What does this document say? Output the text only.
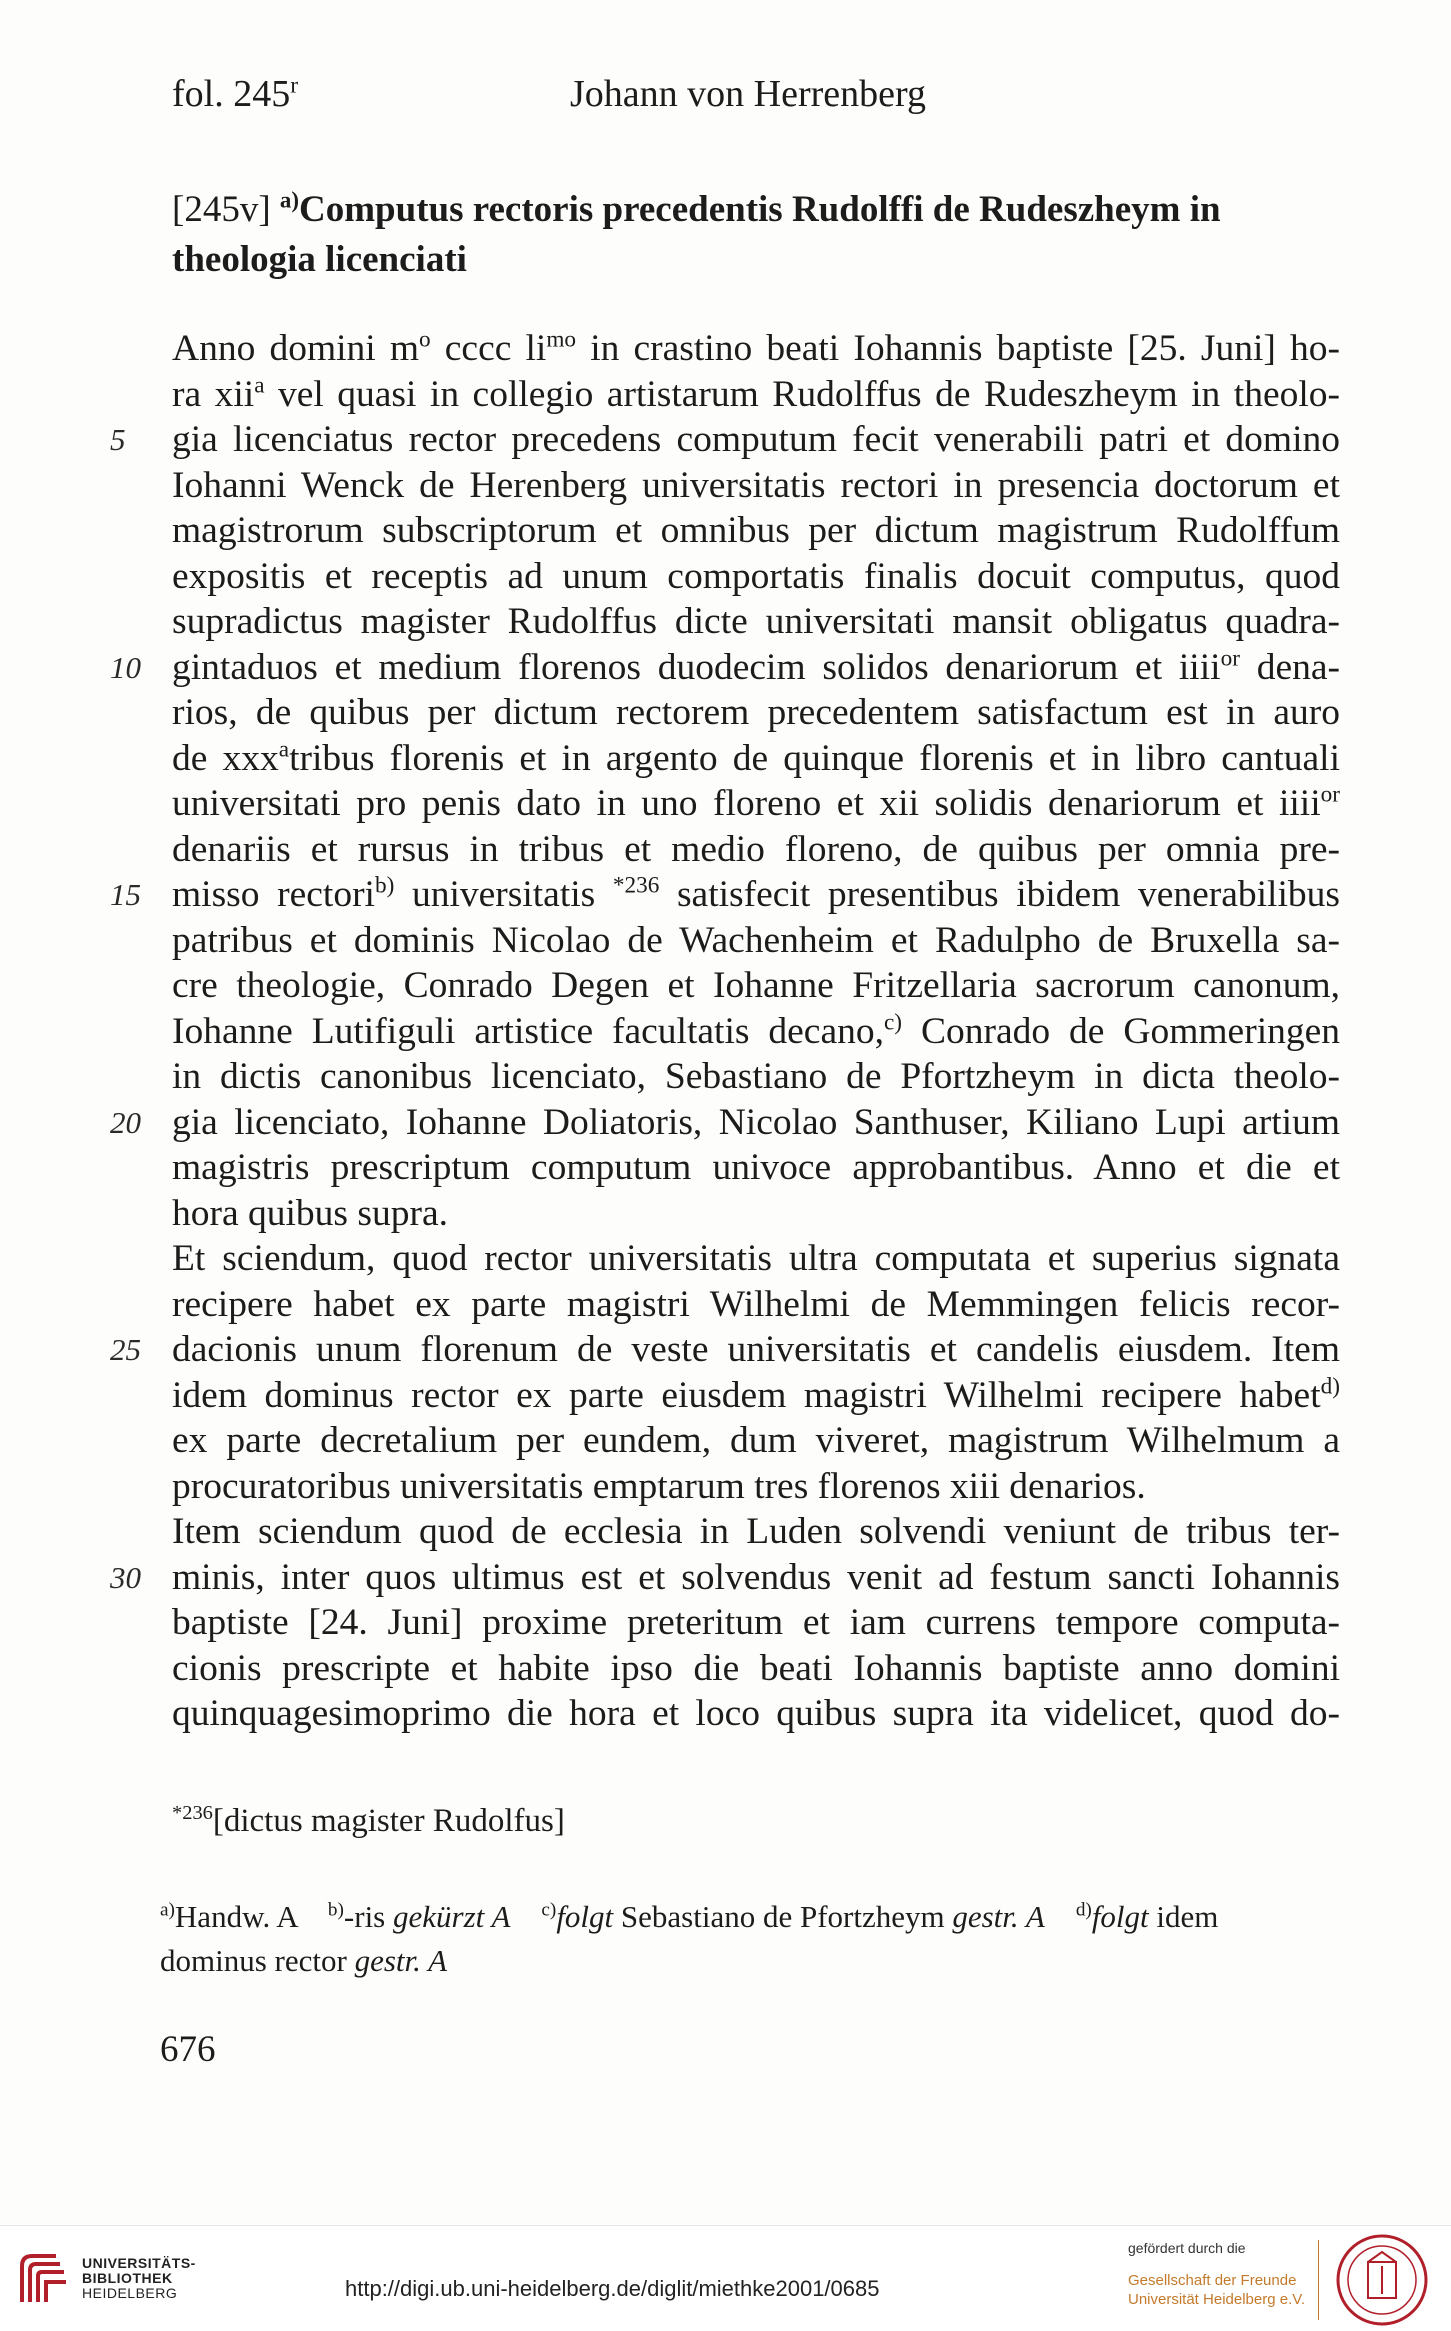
fol. 245$^r$	Johann von Herrenberg
[245v] $^{a)}$Computus rectoris precedentis Rudolffi de Rudeszheym in
theologia licenciati
Anno domini $m^o$ cccc $li^{mo}$ in crastino beati Iohannis baptiste [25. Juni] ho-
ra xii$^a$ vel quasi in collegio artistarum Rudolffus de Rudeszheym in theolo-
5	gia licenciatus rector precedens computum fecit venerabili patri et domino
Iohanni Wenck de Herenberg universitatis rectori in presencia doctorum et
magistrorum subscriptorum et omnibus per dictum magistrum Rudolffum
expositis et receptis ad unum comportatis finalis docuit computus, quod
supradictus magister Rudolffus dicte universitati mansit obligatus quadra-
10 gintaduos et medium florenos duodecim solidos denariorum et iiii$^{or}$ dena-
rios, de quibus per dictum rectorem precedentem satisfactum est in auro
de xxx$^a$tribus florenis et in argento de quinque florenis et in libro cantuali
universitati pro penis dato in uno floreno et xii solidis denariorum et iiii$^{or}$
denariis et rursus in tribus et medio floreno, de quibus per omnia pre-
15 misso rectori$^{b)}$ universitatis $^{*236}$ satisfecit presentibus ibidem venerabilibus
patribus et dominis Nicolao de Wachenheim et Radulpho de Bruxella sa-
cre theologie, Conrado Degen et Iohanne Fritzellaria sacrorum canonum,
Iohanne Lutifiguli artistice facultatis decano,$^{c)}$ Conrado de Gommeringen
in dictis canonibus licenciato, Sebastiano de Pfortzheym in dicta theolo-
20 gia licenciato, Iohanne Doliatoris, Nicolao Santhuser, Kiliano Lupi artium
magistris prescriptum computum univoce approbantibus. Anno et die et
hora quibus supra.
Et sciendum, quod rector universitatis ultra computata et superius signata
recipere habet ex parte magistri Wilhelmi de Memmingen felicis recor-
25 dacionis unum florenum de veste universitatis et candelis eiusdem. Item
idem dominus rector ex parte eiusdem magistri Wilhelmi recipere habet$^{d)}$
ex parte decretalium per eundem, dum viveret, magistrum Wilhelmum a
procuratoribus universitatis emptarum tres florenos xiii denarios.
Item sciendum quod de ecclesia in Luden solvendi veniunt de tribus ter-
30 minis, inter quos ultimus est et solvendus venit ad festum sancti Iohannis
baptiste [24. Juni] proxime preteritum et iam currens tempore computa-
cionis prescripte et habite ipso die beati Iohannis baptiste anno domini
quinquagesimoprimo die hora et loco quibus supra ita videlicet, quod do-
$^{*236}$[dictus magister Rudolfus]
$^{a)}$Handw. A    $^{b)}$-ris gekürzt A $^{c)}$folgt Sebastiano de Pfortzheym gestr. A $^{d)}$folgt idem
dominus rector gestr. A
676
UNIVERSITÄTS-
BIBLIOTHEK
HEIDELBERG	http://digi.ub.uni-heidelberg.de/diglit/miethke2001/0685
gefördert durch die
Gesellschaft der Freunde
Universität Heidelberg e.V.
